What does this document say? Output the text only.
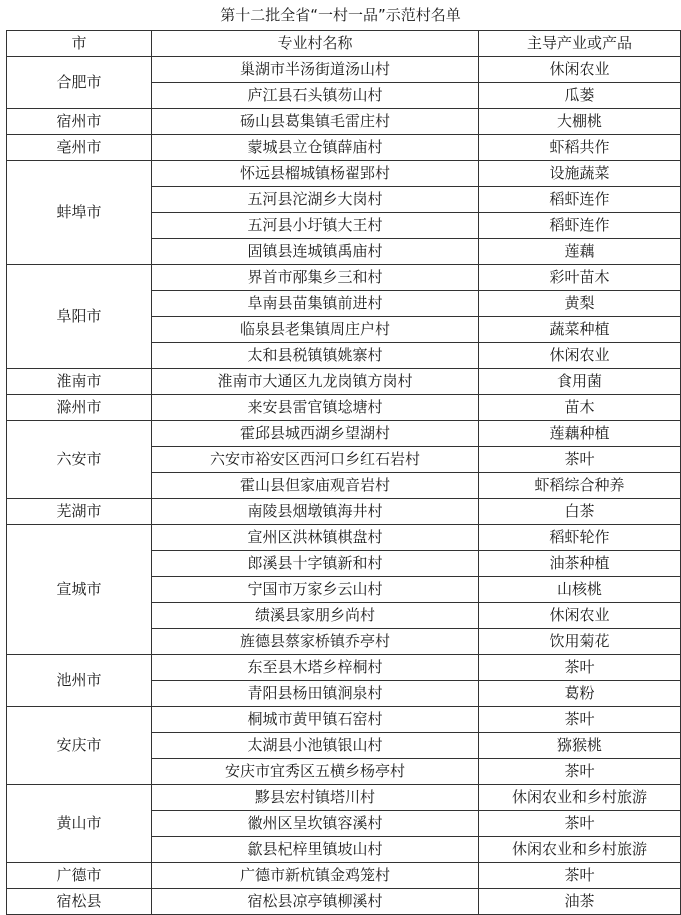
第十二批全省“一村一品”示范村名单
市	专业村名称	主导产业或产品
合肥市	巢湖市半汤街道汤山村	休闲农业
	庐江县石头镇芴山村	瓜蒌
宿州市	砀山县葛集镇毛雷庄村	大棚桃
亳州市	蒙城县立仓镇薛庙村	虾稻共作
蚌埠市	怀远县榴城镇杨翟郢村	设施蔬菜
	五河县沱湖乡大岗村	稻虾连作
	五河县小圩镇大王村	稻虾连作
	固镇县连城镇禹庙村	莲藕
阜阳市	界首市邴集乡三和村	彩叶苗木
	阜南县苗集镇前进村	黄梨
	临泉县老集镇周庄户村	蔬菜种植
	太和县税镇镇姚寨村	休闲农业
淮南市	淮南市大通区九龙岗镇方岗村	食用菌
滁州市	来安县雷官镇埝塘村	苗木
六安市	霍邱县城西湖乡望湖村	莲藕种植
	六安市裕安区西河口乡红石岩村	茶叶
	霍山县但家庙观音岩村	虾稻综合种养
芜湖市	南陵县烟墩镇海井村	白茶
宣城市	宣州区洪林镇棋盘村	稻虾轮作
	郎溪县十字镇新和村	油茶种植
	宁国市万家乡云山村	山核桃
	绩溪县家朋乡尚村	休闲农业
	旌德县蔡家桥镇乔亭村	饮用菊花
池州市	东至县木塔乡梓桐村	茶叶
	青阳县杨田镇涧泉村	葛粉
安庆市	桐城市黄甲镇石窑村	茶叶
	太湖县小池镇银山村	猕猴桃
	安庆市宜秀区五横乡杨亭村	茶叶
黄山市	黟县宏村镇塔川村	休闲农业和乡村旅游
	徽州区呈坎镇容溪村	茶叶
	歙县杞梓里镇坡山村	休闲农业和乡村旅游
广德市	广德市新杭镇金鸡笼村	茶叶
宿松县	宿松县凉亭镇柳溪村	油茶
